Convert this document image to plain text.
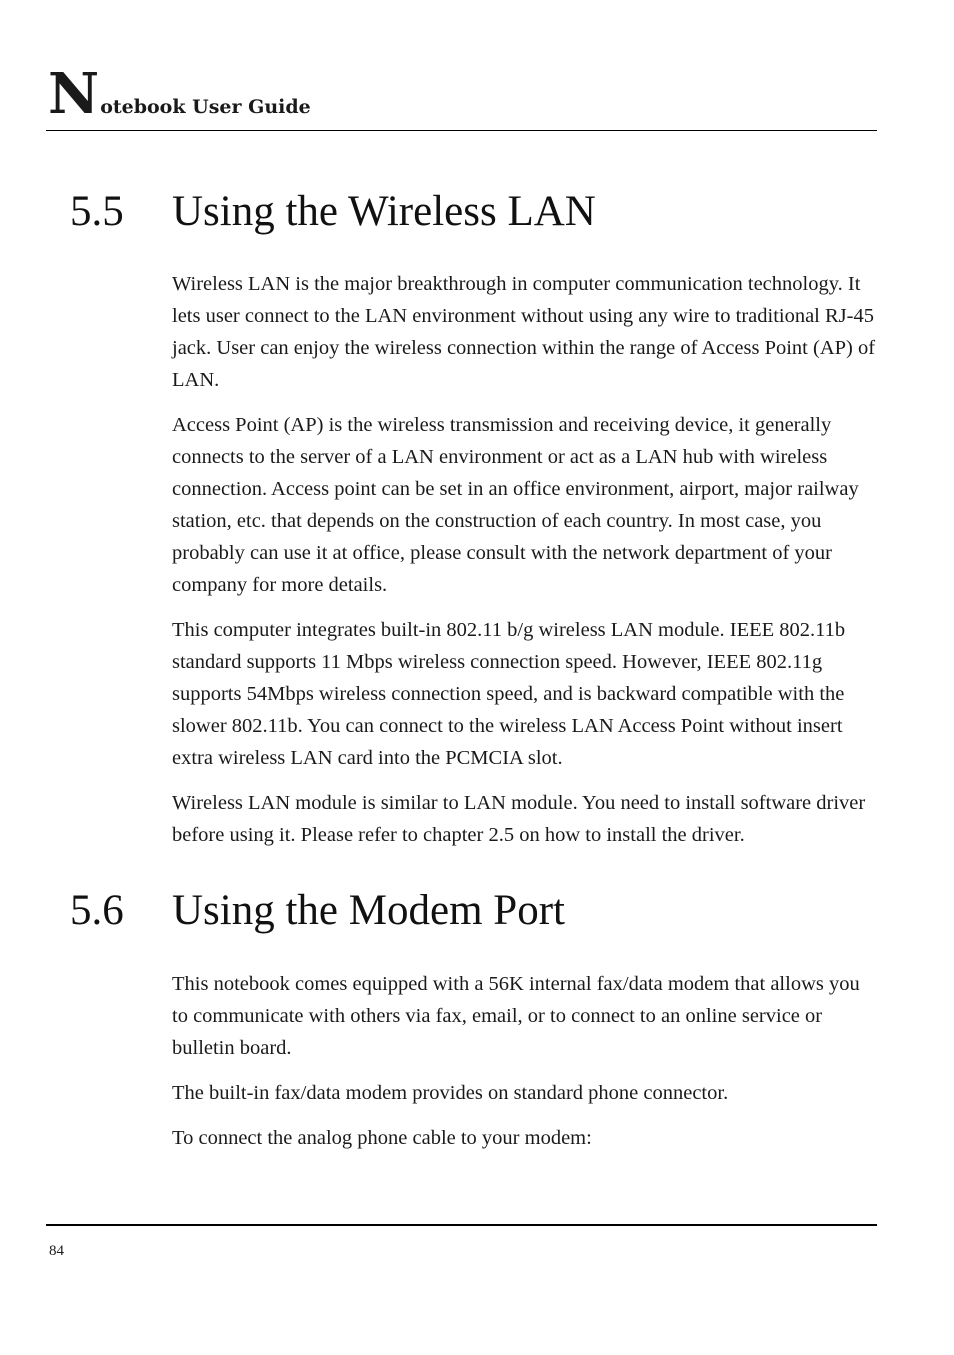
Notebook User Guide
5.5 Using the Wireless LAN

Wireless LAN is the major breakthrough in computer communication technology. It lets user connect to the LAN environment without using any wire to traditional RJ-45 jack. User can enjoy the wireless connection within the range of Access Point (AP) of LAN.

Access Point (AP) is the wireless transmission and receiving device, it generally connects to the server of a LAN environment or act as a LAN hub with wireless connection. Access point can be set in an office environment, airport, major railway station, etc. that depends on the construction of each country. In most case, you probably can use it at office, please consult with the network department of your company for more details.

This computer integrates built-in 802.11 b/g wireless LAN module. IEEE 802.11b standard supports 11 Mbps wireless connection speed. However, IEEE 802.11g supports 54Mbps wireless connection speed, and is backward compatible with the slower 802.11b. You can connect to the wireless LAN Access Point without insert extra wireless LAN card into the PCMCIA slot.

Wireless LAN module is similar to LAN module. You need to install software driver before using it. Please refer to chapter 2.5 on how to install the driver.

5.6 Using the Modem Port

This notebook comes equipped with a 56K internal fax/data modem that allows you to communicate with others via fax, email, or to connect to an online service or bulletin board.

The built-in fax/data modem provides on standard phone connector.

To connect the analog phone cable to your modem:

84
